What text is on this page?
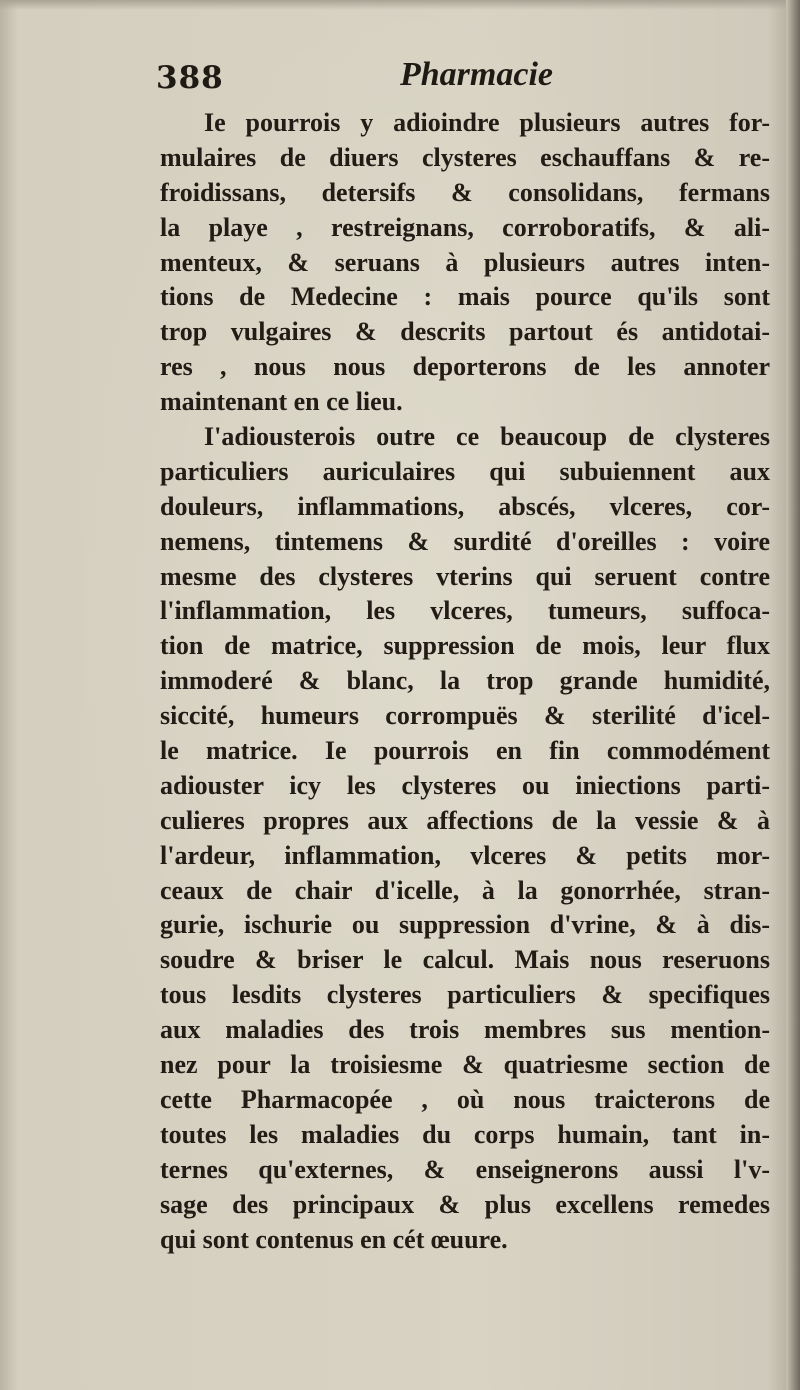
388	Pharmacie
Ie pourrois y adioindre plusieurs autres for-
mulaires de diuers clysteres eschauffans & re-
froidissans, detersifs & consolidans, fermans
la playe , restreignans, corroboratifs, & ali-
menteux, & seruans à plusieurs autres inten-
tions de Medecine : mais pource qu'ils sont
trop vulgaires & descrits partout és antidotai-
res , nous nous deporterons de les annoter
maintenant en ce lieu.
I'adiousterois outre ce beaucoup de clysteres
particuliers auriculaires qui subuiennent aux
douleurs, inflammations, abscés, vlceres, cor-
nemens, tintemens & surdité d'oreilles : voire
mesme des clysteres vterins qui seruent contre
l'inflammation, les vlceres, tumeurs, suffoca-
tion de matrice, suppression de mois, leur flux
immoderé & blanc, la trop grande humidité,
siccité, humeurs corrompuës & sterilité d'icel-
le matrice. Ie pourrois en fin commodément
adiouster icy les clysteres ou iniections parti-
culieres propres aux affections de la vessie & à
l'ardeur, inflammation, vlceres & petits mor-
ceaux de chair d'icelle, à la gonorrhée, stran-
gurie, ischurie ou suppression d'vrine, & à dis-
soudre & briser le calcul. Mais nous reseruons
tous lesdits clysteres particuliers & specifiques
aux maladies des trois membres sus mention-
nez pour la troisiesme & quatriesme section de
cette Pharmacopée , où nous traicterons de
toutes les maladies du corps humain, tant in-
ternes qu'externes, & enseignerons aussi l'v-
sage des principaux & plus excellens remedes
qui sont contenus en cét œuure.
